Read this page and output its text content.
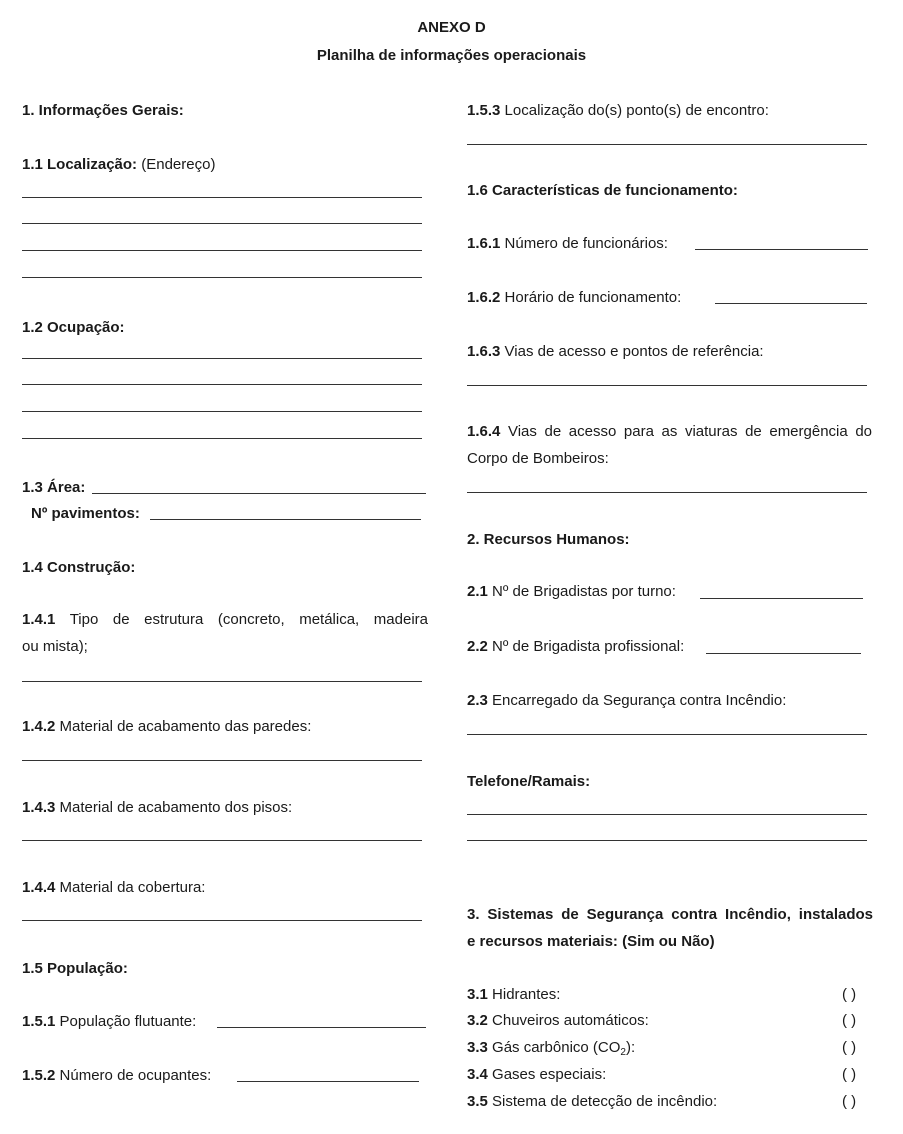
ANEXO D
Planilha de informações operacionais
1. Informações Gerais:
1.1 Localização: (Endereço)
1.2 Ocupação:
1.3 Área:
Nº pavimentos:
1.4 Construção:
1.4.1 Tipo de estrutura (concreto, metálica, madeira
ou mista);
1.4.2 Material de acabamento das paredes:
1.4.3 Material de acabamento dos pisos:
1.4.4 Material da cobertura:
1.5 População:
1.5.1 População flutuante:
1.5.2 Número de ocupantes:
1.5.3 Localização do(s) ponto(s) de encontro:
1.6 Características de funcionamento:
1.6.1 Número de funcionários:
1.6.2 Horário de funcionamento:
1.6.3 Vias de acesso e pontos de referência:
1.6.4 Vias de acesso para as viaturas de emergência do
Corpo de Bombeiros:
2. Recursos Humanos:
2.1 Nº de Brigadistas por turno:
2.2 Nº de Brigadista profissional:
2.3 Encarregado da Segurança contra Incêndio:
Telefone/Ramais:
3. Sistemas de Segurança contra Incêndio, instalados
e recursos materiais: (Sim ou Não)
3.1 Hidrantes:	( )
3.2 Chuveiros automáticos:	( )
3.3 Gás carbônico $(CO_2)$:	( )
3.4 Gases especiais:	( )
3.5 Sistema de detecção de incêndio:	( )
